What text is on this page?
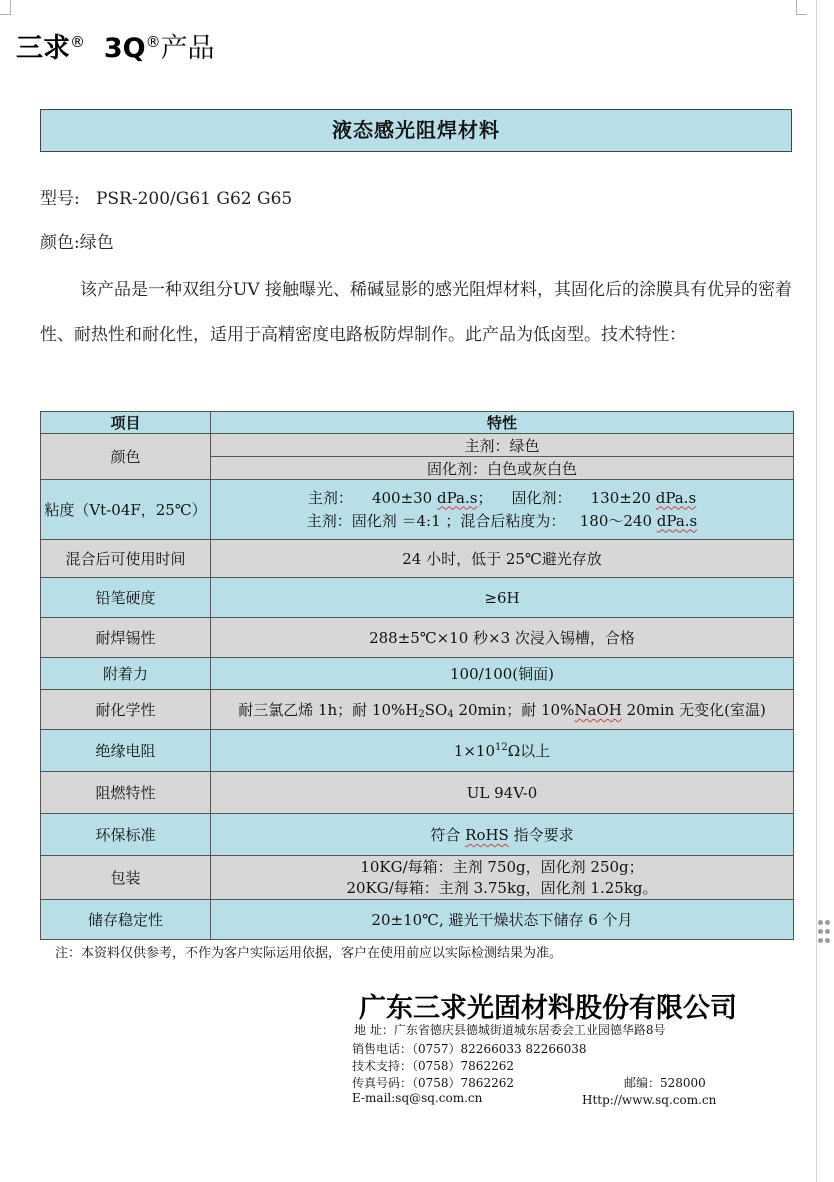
三求® 3Q®产品
液态感光阻焊材料
型号: PSR-200/G61 G62 G65
颜色:绿色

该产品是一种双组分UV 接触曝光、稀碱显影的感光阻焊材料，其固化后的涂膜具有优异的密着性、耐热性和耐化性，适用于高精密度电路板防焊制作。此产品为低卤型。技术特性：

项目	特性
颜色	主剂：绿色
	固化剂：白色或灰白色
粘度（Vt-04F，25℃）	主剂： 400±30 dPa.s； 固化剂： 130±20 dPa.s
主剂：固化剂 ＝4:1 ；混合后粘度为： 180～240 dPa.s

混合后可使用时间	24 小时，低于 25℃避光存放
铅笔硬度	≥6H
耐焊锡性	288±5℃×10 秒×3 次浸入锡槽，合格
附着力	100/100(铜面)
耐化学性	耐三氯乙烯 1h；耐 $10\%H_2SO_4$ 20min；耐 10%NaOH 20min 无变化(室温)
绝缘电阻	$1\times 10^{12}\Omega$以上
阻燃特性	UL 94V-0
环保标准	符合 RoHS 指令要求
包装	10KG/每箱：主剂 750g，固化剂 250g；
20KG/每箱：主剂 3.75kg，固化剂 1.25kg。

储存稳定性	20±10℃, 避光干燥状态下储存 6 个月
注：本资料仅供参考，不作为客户实际运用依据，客户在使用前应以实际检测结果为准。
广东三求光固材料股份有限公司
地 址：广东省德庆县德城街道城东居委会工业园德华路8号
销售电话：（0757）82266033 82266038
技术支持：（0758）7862262
传真号码：（0758）7862262	邮编：528000
E-mail:sq@sq.com.cn	Http://www.sq.com.cn
